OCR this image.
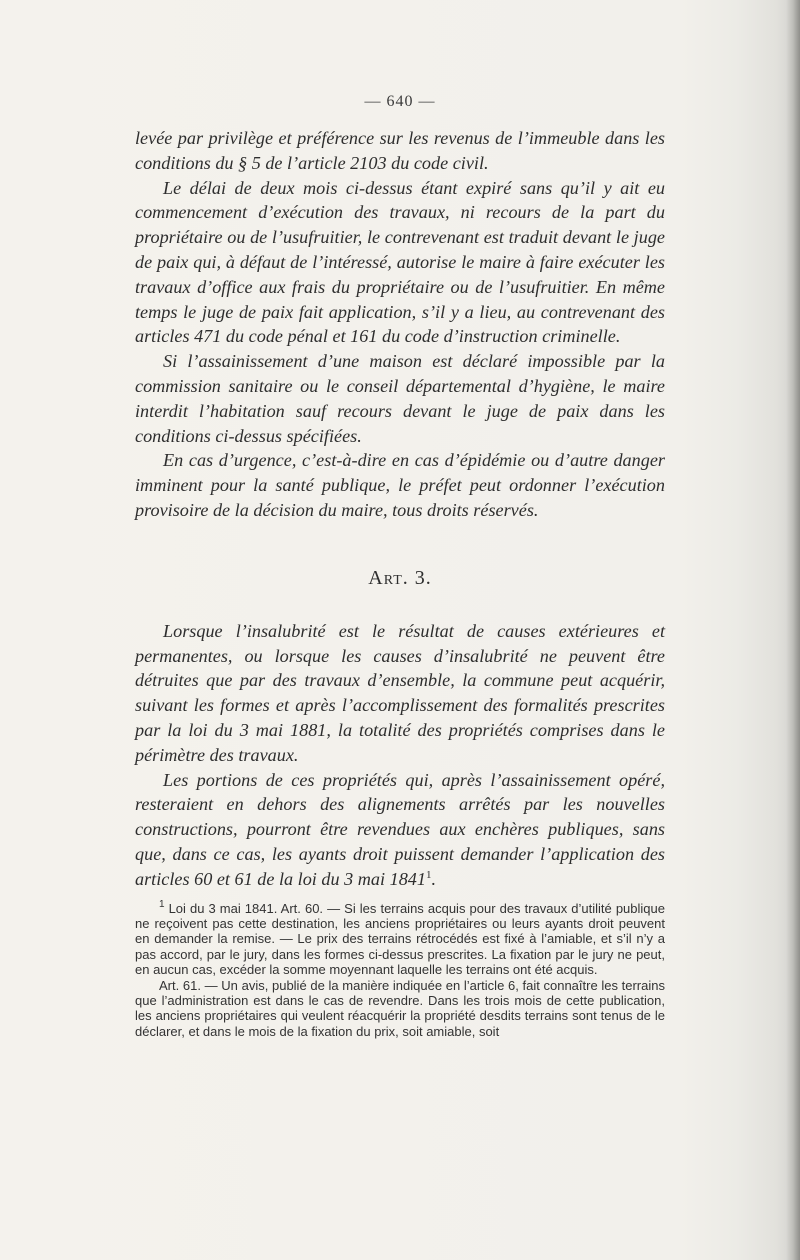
— 640 —

levée par privilège et préférence sur les revenus de l’immeuble dans les conditions du § 5 de l’article 2103 du code civil.

Le délai de deux mois ci-dessus étant expiré sans qu’il y ait eu commencement d’exécution des travaux, ni recours de la part du propriétaire ou de l’usufruitier, le contrevenant est traduit devant le juge de paix qui, à défaut de l’intéressé, autorise le maire à faire exécuter les travaux d’office aux frais du propriétaire ou de l’usufruitier. En même temps le juge de paix fait application, s’il y a lieu, au contrevenant des articles 471 du code pénal et 161 du code d’instruction criminelle.

Si l’assainissement d’une maison est déclaré impossible par la commission sanitaire ou le conseil départemental d’hygiène, le maire interdit l’habitation sauf recours devant le juge de paix dans les conditions ci-dessus spécifiées.

En cas d’urgence, c’est-à-dire en cas d’épidémie ou d’autre danger imminent pour la santé publique, le préfet peut ordonner l’exécution provisoire de la décision du maire, tous droits réservés.

Art. 3.

Lorsque l’insalubrité est le résultat de causes extérieures et permanentes, ou lorsque les causes d’insalubrité ne peuvent être détruites que par des travaux d’ensemble, la commune peut acquérir, suivant les formes et après l’accomplissement des formalités prescrites par la loi du 3 mai 1881, la totalité des propriétés comprises dans le périmètre des travaux.

Les portions de ces propriétés qui, après l’assainissement opéré, resteraient en dehors des alignements arrêtés par les nouvelles constructions, pourront être revendues aux enchères publiques, sans que, dans ce cas, les ayants droit puissent demander l’application des articles 60 et 61 de la loi du 3 mai 1841$^1$.

$^1$ Loi du 3 mai 1841. Art. 60. — Si les terrains acquis pour des travaux d’utilité publique ne reçoivent pas cette destination, les anciens propriétaires ou leurs ayants droit peuvent en demander la remise. — Le prix des terrains rétrocédés est fixé à l’amiable, et s’il n’y a pas accord, par le jury, dans les formes ci-dessus prescrites. La fixation par le jury ne peut, en aucun cas, excéder la somme moyennant laquelle les terrains ont été acquis.

Art. 61. — Un avis, publié de la manière indiquée en l’article 6, fait connaître les terrains que l’administration est dans le cas de revendre. Dans les trois mois de cette publication, les anciens propriétaires qui veulent réacquérir la propriété desdits terrains sont tenus de le déclarer, et dans le mois de la fixation du prix, soit amiable, soit
